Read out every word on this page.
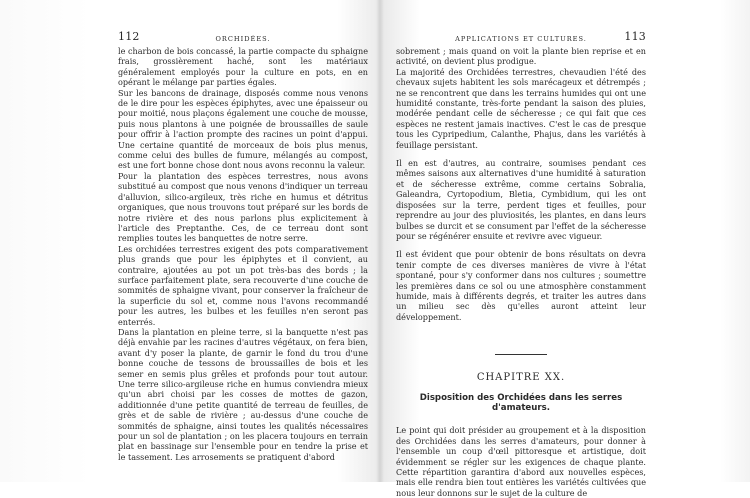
112	ORCHIDÉES.

le charbon de bois concassé, la partie compacte du sphaigne frais, grossièrement haché, sont les matériaux généralement employés pour la culture en pots, en en opérant le mélange par parties égales.

Sur les bancons de drainage, disposés comme nous venons de le dire pour les espèces épiphytes, avec une épaisseur ou pour moitié, nous plaçons également une couche de mousse, puis nous plantons à une poignée de broussailles de saule pour offrir à l'action prompte des racines un point d'appui. Une certaine quantité de morceaux de bois plus menus, comme celui des bulles de fumure, mélangés au compost, est une fort bonne chose dont nous avons reconnu la valeur.

Pour la plantation des espèces terrestres, nous avons substitué au compost que nous venons d'indiquer un terreau d'alluvion, silico-argileux, très riche en humus et détritus organiques, que nous trouvons tout préparé sur les bords de notre rivière et des nous parlons plus explicitement à l'article des Preptanthe. Ces, de ce terreau dont sont remplies toutes les banquettes de notre serre.

Les orchidées terrestres exigent des pots comparativement plus grands que pour les épiphytes et il convient, au contraire, ajoutées au pot un pot très-bas des bords ; la surface parfaitement plate, sera recouverte d'une couche de sommités de sphaigne vivant, pour conserver la fraîcheur de la superficie du sol et, comme nous l'avons recommandé pour les autres, les bulbes et les feuilles n'en seront pas enterrés.

Dans la plantation en pleine terre, si la banquette n'est pas déjà envahie par les racines d'autres végétaux, on fera bien, avant d'y poser la plante, de garnir le fond du trou d'une bonne couche de tessons de broussailles de bois et les semer en semis plus grêles et profonds pour tout autour. Une terre silico-argileuse riche en humus conviendra mieux qu'un abri choisi par les cosses de mottes de gazon, additionnée d'une petite quantité de terreau de feuilles, de grès et de sable de rivière ; au-dessus d'une couche de sommités de sphaigne, ainsi toutes les qualités nécessaires pour un sol de plantation ; on les placera toujours en terrain plat en bassinage sur l'ensemble pour en tendre la prise et le tassement. Les arrosements se pratiquent d'abord

APPLICATIONS ET CULTURES.	113

sobrement ; mais quand on voit la plante bien reprise et en activité, on devient plus prodigue.

La majorité des Orchidées terrestres, chevaudien l'été des chevaux sujets habitent les sols marécageux et détrempés ; ne se rencontrent que dans les terrains humides qui ont une humidité constante, très-forte pendant la saison des pluies, modérée pendant celle de sécheresse ; ce qui fait que ces espèces ne restent jamais inactives. C'est le cas de presque tous les Cypripedium, Calanthe, Phajus, dans les variétés à feuillage persistant.

Il en est d'autres, au contraire, soumises pendant ces mêmes saisons aux alternatives d'une humidité à saturation et de sécheresse extrême, comme certains Sobralia, Galeandra, Cyrtopodium, Bletia, Cymbidium, qui les ont disposées sur la terre, perdent tiges et feuilles, pour reprendre au jour des pluviosités, les plantes, en dans leurs bulbes se durcit et se consument par l'effet de la sécheresse pour se régénérer ensuite et revivre avec vigueur.

Il est évident que pour obtenir de bons résultats on devra tenir compte de ces diverses manières de vivre à l'état spontané, pour s'y conformer dans nos cultures ; soumettre les premières dans ce sol ou une atmosphère constamment humide, mais à différents degrés, et traiter les autres dans un milieu sec dès qu'elles auront atteint leur développement.

CHAPITRE XX.
Disposition des Orchidées dans les serres d'amateurs.

Le point qui doit présider au groupement et à la disposition des Orchidées dans les serres d'amateurs, pour donner à l'ensemble un coup d'œil pittoresque et artistique, doit évidemment se régler sur les exigences de chaque plante. Cette répartition garantira d'abord aux nouvelles espèces, mais elle rendra bien tout entières les variétés cultivées que nous leur donnons sur le sujet de la culture de
